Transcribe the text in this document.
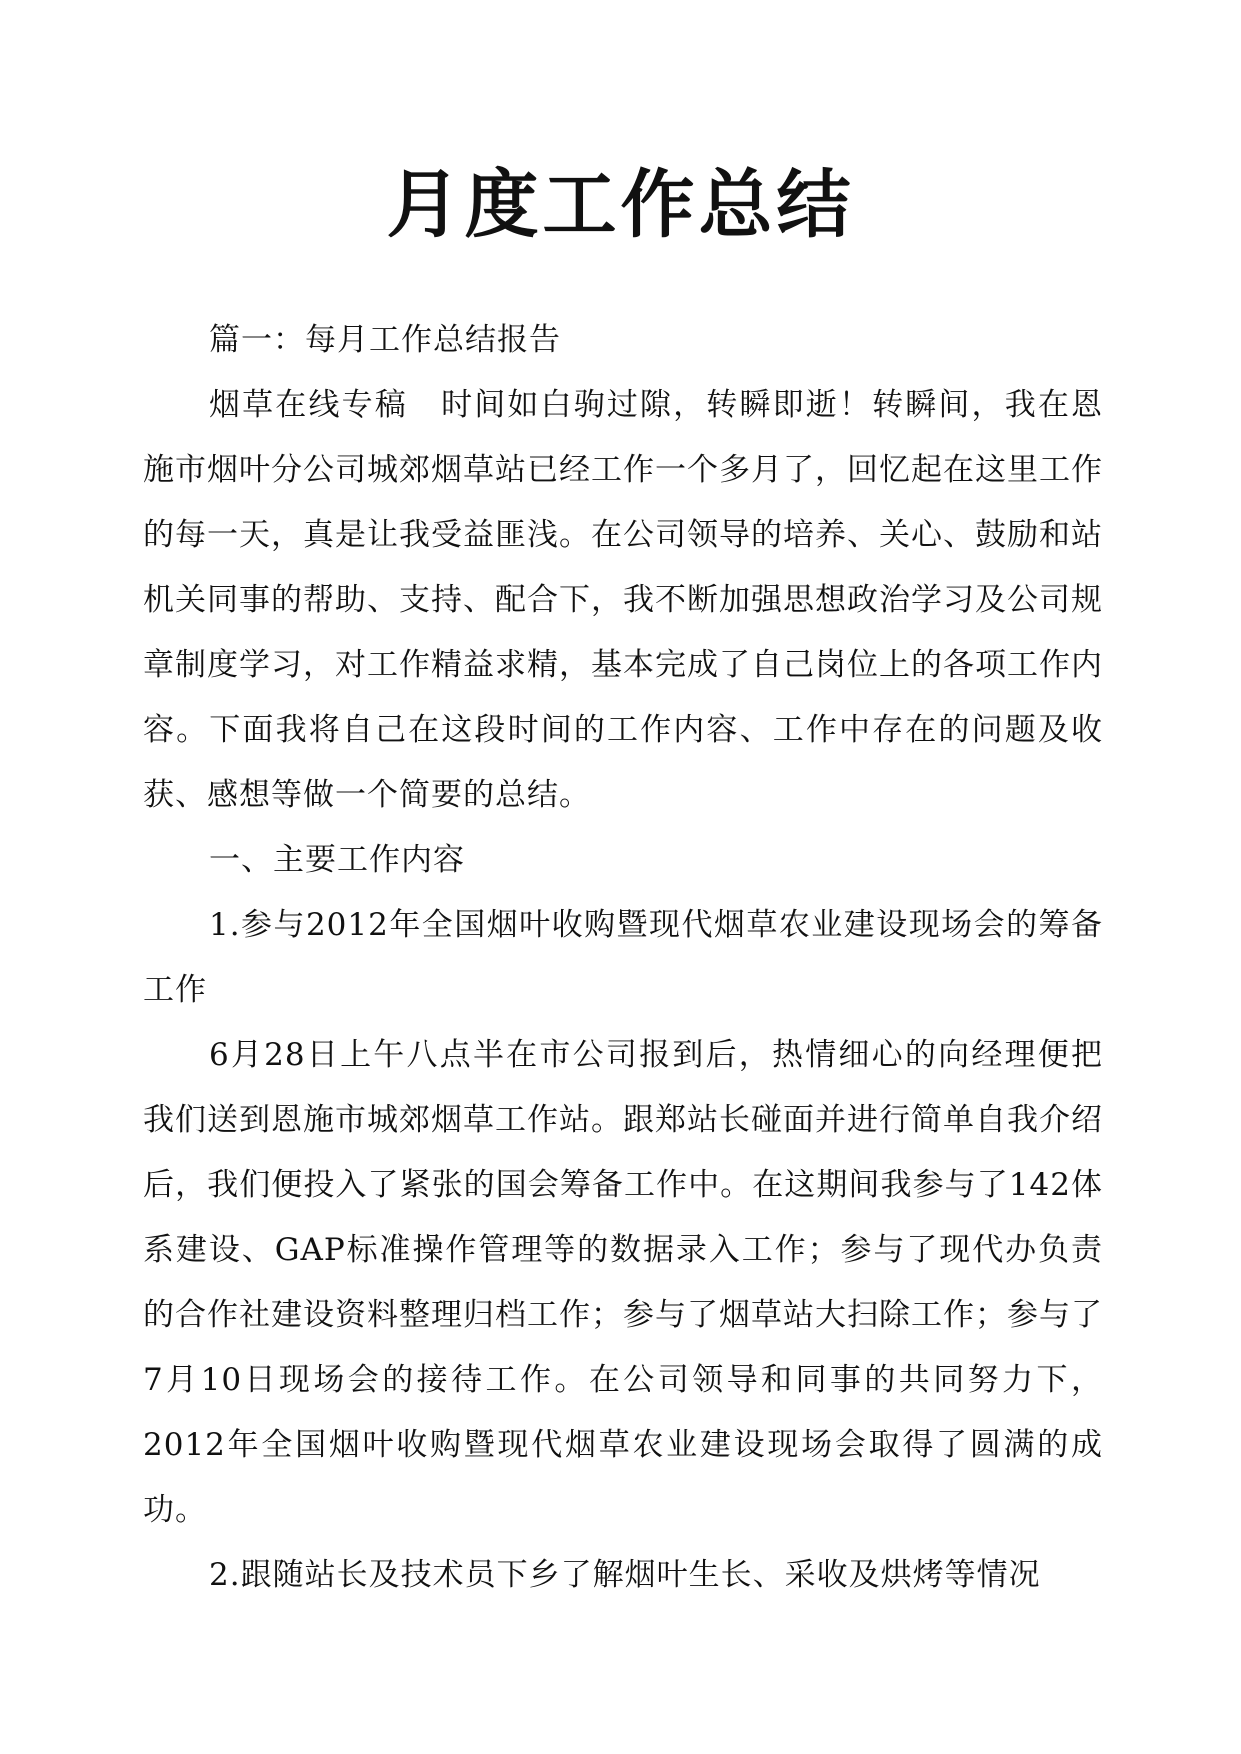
月度工作总结

篇一：每月工作总结报告

烟草在线专稿　时间如白驹过隙，转瞬即逝！转瞬间，我在恩施市烟叶分公司城郊烟草站已经工作一个多月了，回忆起在这里工作的每一天，真是让我受益匪浅。在公司领导的培养、关心、鼓励和站机关同事的帮助、支持、配合下，我不断加强思想政治学习及公司规章制度学习，对工作精益求精，基本完成了自己岗位上的各项工作内容。下面我将自己在这段时间的工作内容、工作中存在的问题及收获、感想等做一个简要的总结。

一、主要工作内容

1.参与2012年全国烟叶收购暨现代烟草农业建设现场会的筹备工作

6月28日上午八点半在市公司报到后，热情细心的向经理便把我们送到恩施市城郊烟草工作站。跟郑站长碰面并进行简单自我介绍后，我们便投入了紧张的国会筹备工作中。在这期间我参与了142体系建设、GAP标准操作管理等的数据录入工作；参与了现代办负责的合作社建设资料整理归档工作；参与了烟草站大扫除工作；参与了7月10日现场会的接待工作。在公司领导和同事的共同努力下，2012年全国烟叶收购暨现代烟草农业建设现场会取得了圆满的成功。

2.跟随站长及技术员下乡了解烟叶生长、采收及烘烤等情况
